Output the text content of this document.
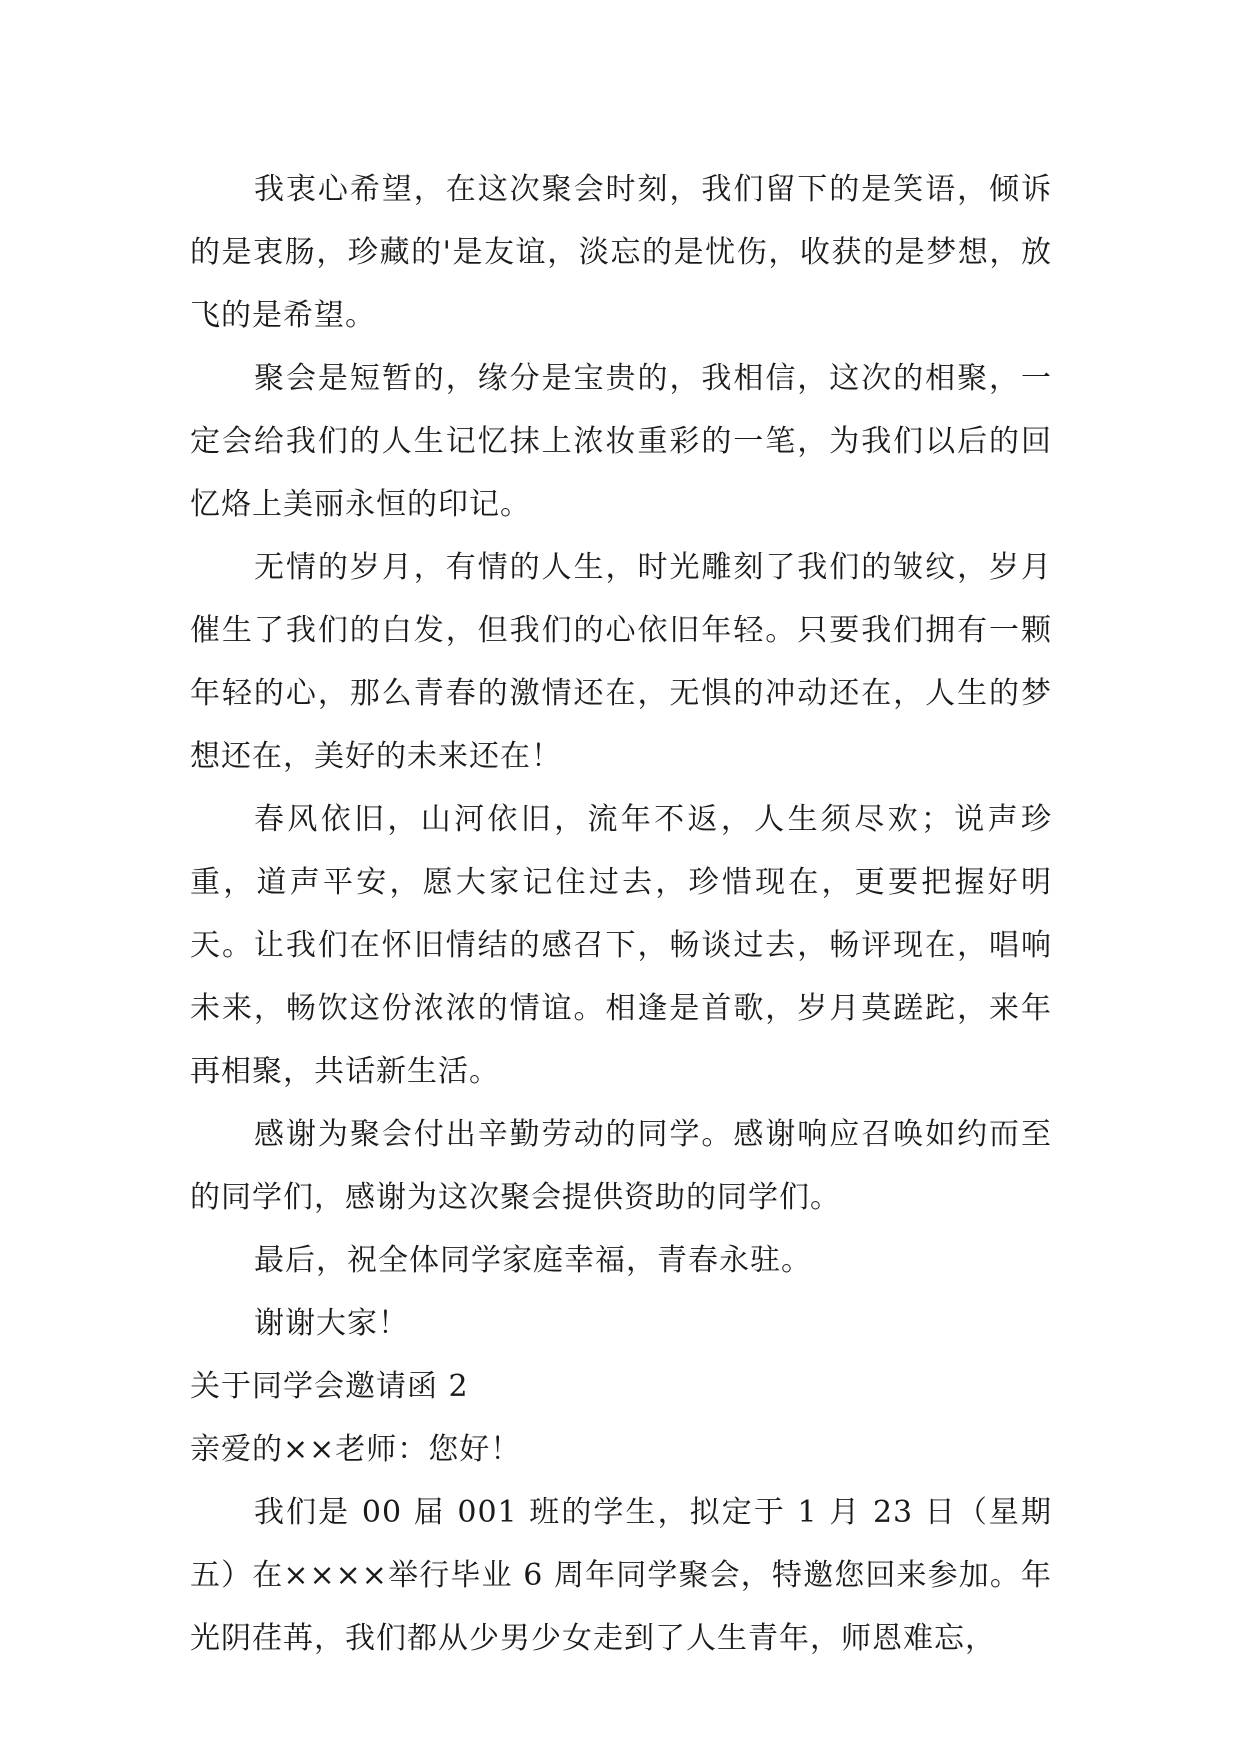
我衷心希望，在这次聚会时刻，我们留下的是笑语，倾诉的是衷肠，珍藏的'是友谊，淡忘的是忧伤，收获的是梦想，放飞的是希望。

聚会是短暂的，缘分是宝贵的，我相信，这次的相聚，一定会给我们的人生记忆抹上浓妆重彩的一笔，为我们以后的回忆烙上美丽永恒的印记。

无情的岁月，有情的人生，时光雕刻了我们的皱纹，岁月催生了我们的白发，但我们的心依旧年轻。只要我们拥有一颗年轻的心，那么青春的激情还在，无惧的冲动还在，人生的梦想还在，美好的未来还在！

春风依旧，山河依旧，流年不返，人生须尽欢；说声珍重，道声平安，愿大家记住过去，珍惜现在，更要把握好明天。让我们在怀旧情结的感召下，畅谈过去，畅评现在，唱响未来，畅饮这份浓浓的情谊。相逢是首歌，岁月莫蹉跎，来年再相聚，共话新生活。

感谢为聚会付出辛勤劳动的同学。感谢响应召唤如约而至的同学们，感谢为这次聚会提供资助的同学们。

最后，祝全体同学家庭幸福，青春永驻。

谢谢大家！

关于同学会邀请函 2

亲爱的××老师：您好！

我们是 00 届 001 班的学生，拟定于 1 月 23 日（星期五）在××××举行毕业 6 周年同学聚会，特邀您回来参加。年光阴荏苒，我们都从少男少女走到了人生青年，师恩难忘，
